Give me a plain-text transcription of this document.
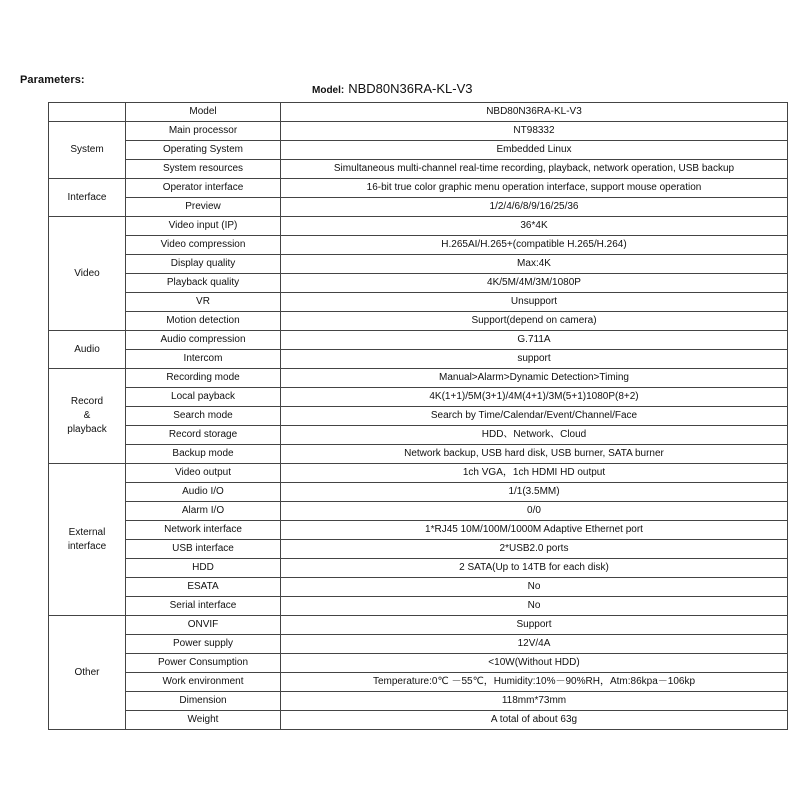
Parameters:
Model: NBD80N36RA-KL-V3
	Model	NBD80N36RA-KL-V3
System	Main processor	NT98332
	Operating System	Embedded Linux
	System resources	Simultaneous multi-channel real-time recording, playback, network operation, USB backup
Interface	Operator interface	16-bit true color graphic menu operation interface, support mouse operation
	Preview	1/2/4/6/8/9/16/25/36
Video	Video input (IP)	36*4K
	Video compression	H.265AI/H.265+(compatible H.265/H.264)
	Display quality	Max:4K
	Playback quality	4K/5M/4M/3M/1080P
	VR	Unsupport
	Motion detection	Support(depend on camera)
Audio	Audio compression	G.711A
	Intercom	support

Record
&
playback	Recording mode	Manual>Alarm>Dynamic Detection>Timing
	Local payback	4K(1+1)/5M(3+1)/4M(4+1)/3M(5+1)1080P(8+2)
	Search mode	Search by Time/Calendar/Event/Channel/Face
	Record storage	HDD、Network、Cloud
	Backup mode	Network backup, USB hard disk, USB burner, SATA burner

External
interface	Video output	1ch VGA，1ch HDMI HD output
	Audio I/O	1/1(3.5MM)
	Alarm I/O	0/0
	Network interface	1*RJ45 10M/100M/1000M Adaptive Ethernet port
	USB interface	2*USB2.0 ports
	HDD	2 SATA(Up to 14TB for each disk)
	ESATA	No
	Serial interface	No
Other	ONVIF	Support
	Power supply	12V/4A
	Power Consumption	<10W(Without HDD)
	Work environment	Temperature:0℃ －55℃，Humidity:10%－90%RH，Atm:86kpa－106kp
	Dimension	118mm*73mm
	Weight	A total of about 63g
